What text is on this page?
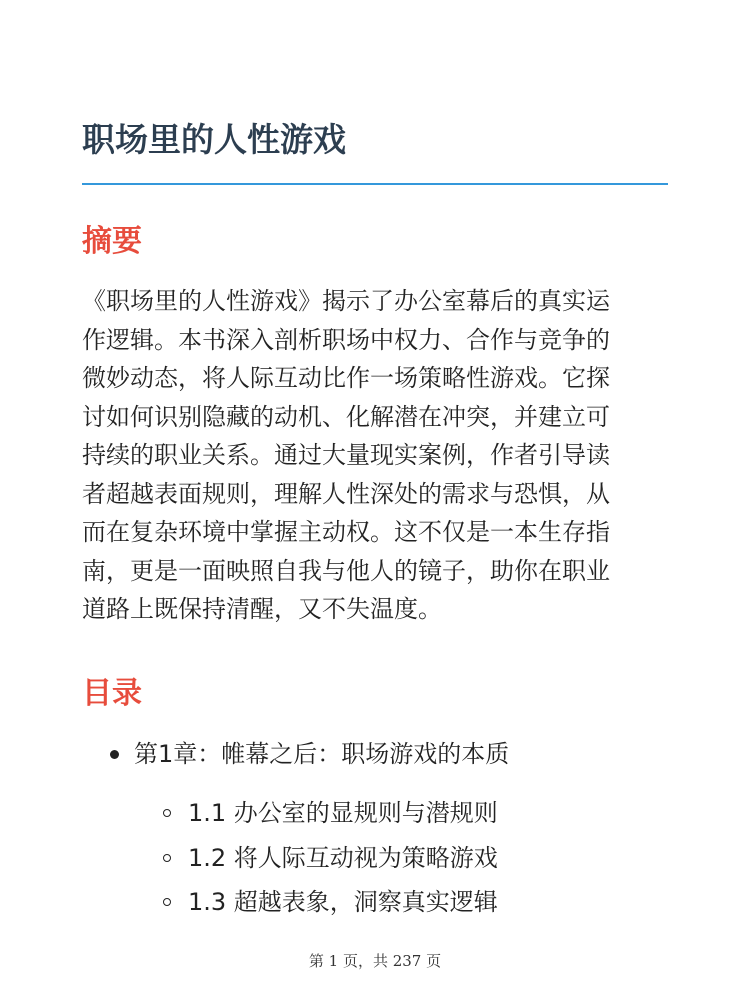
职场里的人性游戏
摘要

《职场里的人性游戏》揭示了办公室幕后的真实运
作逻辑。本书深入剖析职场中权力、合作与竞争的
微妙动态，将人际互动比作一场策略性游戏。它探
讨如何识别隐藏的动机、化解潜在冲突，并建立可
持续的职业关系。通过大量现实案例，作者引导读
者超越表面规则，理解人性深处的需求与恐惧，从
而在复杂环境中掌握主动权。这不仅是一本生存指
南，更是一面映照自我与他人的镜子，助你在职业
道路上既保持清醒，又不失温度。

目录
第1章：帷幕之后：职场游戏的本质
1.1 办公室的显规则与潜规则
1.2 将人际互动视为策略游戏
1.3 超越表象，洞察真实逻辑
第 1 页，共 237 页
